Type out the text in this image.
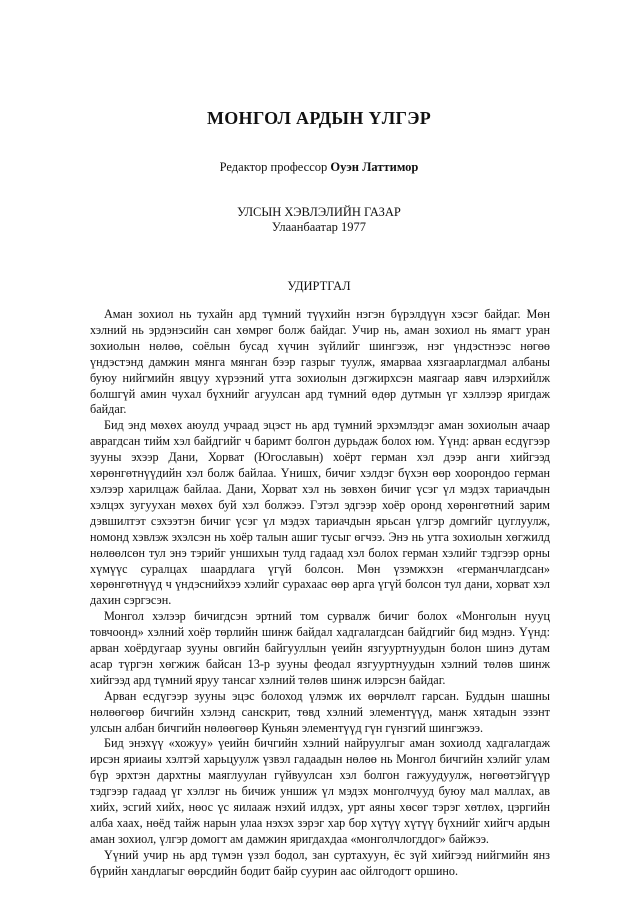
МОНГОЛ АРДЫН ҮЛГЭР
Редактор профессор Оуэн Латтимор
УЛСЫН ХЭВЛЭЛИЙН ГАЗАР
Улаанбаатар 1977
УДИРТГАЛ

Аман зохиол нь тухайн ард түмний түүхийн нэгэн бүрэлдүүн хэсэг байдаг. Мөн хэлний нь эрдэнэсийн сан хөмрөг болж байдаг. Учир нь, аман зохиол нь ямагт уран зохиолын нөлөө, соёлын бусад хүчин зүйлийг шингээж, нэг үндэстнээс нөгөө үндэстэнд дамжин мянга мянган бээр газрыг туулж, ямарваа хязгаарлагдмал албаны буюу нийгмийн явцуу хүрээний утга зохиолын дэгжирхсэн маягаар яавч илэрхийлж болшгүй амин чухал бүхнийг агуулсан ард түмний өдөр дутмын үг хэллээр яригдаж байдаг.

Бид энд мөхөх аюулд учраад эцэст нь ард түмний эрхэмлэдэг аман зохиолын ачаар авраrдсан тийм хэл байдгийг ч баримт болгон дурьдаж болох юм. Үүнд: арван есдүгээр зууны эхээр Дани, Хорват (Югославын) хоёрт герман хэл дээр анги хийгээд хөрөнгөтнүүдийн хэл болж байлаа. Үнишх, бичиг хэлдэг бүхэн өөр хоорондоо герман хэлээр харилцаж байлаа. Дани, Хорват хэл нь зөвхөн бичиг үсэг үл мэдэх тариачдын хэлцэх зугуухан мөхөх буй хэл болжээ. Гэтэл эдгээр хоёр оронд хөрөнгөтний зарим дэвшилтэт сэхээтэн бичиг үсэг үл мэдэх тариачдын ярьсан үлгэр домгийг цуглуулж, номонд хэвлэж эхэлсэн нь хоёр талын ашиг тусыг өгчээ. Энэ нь утга зохиолын хөгжилд нөлөөлсөн тул энэ тэрийг уншихын тулд гадаад хэл болох герман хэлийг тэдгээр орны хүмүүс суралцах шаардлага үгүй болсон. Мөн үзэмжхэн «германчлагдсан» хөрөнгөтнүүд ч үндэснийхээ хэлийг сурахаас өөр арга үгүй болсон тул дани, хорват хэл дахин сэргэсэн.

Монгол хэлээр бичигдсэн эртний том сурвалж бичиг болох «Монголын нууц товчоонд» хэлний хоёр төрлийн шинж байдал хадгалагдсан байдгийг бид мэднэ. Үүнд: арван хоёрдугаар зууны овгийн байгууллын үеийн язгууртнуудын болон шинэ дутам асар түргэн хөгжиж байсан 13-р зууны феодал язгууртнуудын хэлний төлөв шинж хийгээд ард түмний яруу тансаг хэлний төлөв шинж илэрсэн байдаг.

Арван есдүгээр зууны эцэс болоход үлэмж их өөрчлөлт гарсан. Буддын шашны нөлөөгөөр бичгийн хэлэнд санскрит, төвд хэлний элементүүд, манж хятадын эзэнт улсын албан бичгийн нөлөөгөөр Куньян элементүүд гүн гүнзгий шингэжээ.

Бид энэхүү «хожуу» үеийн бичгийн хэлний найруулгыг аман зохиолд хадгалагдаж ирсэн яриаиы хэлтэй харьцуулж үзвэл гадаадын нөлөө нь Монгол бичгийн хэлийг улам бүр эрхтэн дархтны маяглуулан гүйвуулсан хэл болгон гажуудуулж, нөгөөтэйгүүр тэдгээр гадаад үг хэллэг нь бичиж уншиж үл мэдэх монголчууд буюу мал маллах, ав хийх, эсгий хийх, нөос үс яилааж нэхий илдэх, урт аяны хөсөг тэрэг хөтлөх, цэргийн алба хаах, нөёд тайж нарын улаа нэхэх зэрэг хар бор хүтүү хүтүү бүхнийг хийгч ардын аман зохиол, үлгэр домогт ам дамжин яригдахдаа «монголчлогддог» байжээ.

Үүний учир нь ард түмэн үзэл бодол, зан суртахуун, ёс зүй хийгээд нийгмийн янз бүрийн хандлагыг өөрсдийн бодит байр суурин аас ойлгодогт оршино.
